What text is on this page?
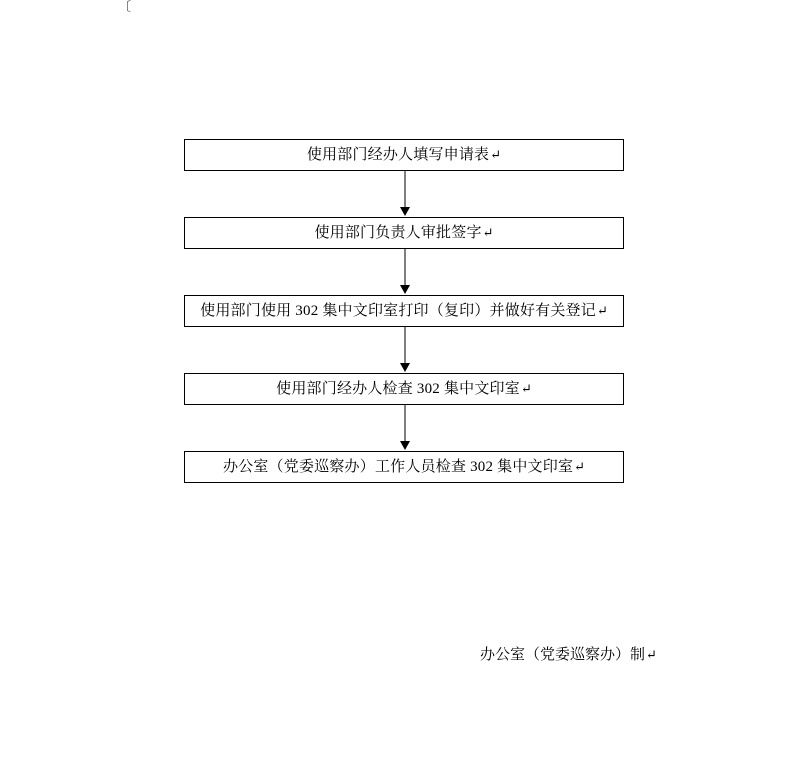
〔
使用部门经办人填写申请表 ↵
使用部门负责人审批签字 ↵
使用部门使用 302 集中文印室打印（复印）并做好有关登记 ↵
使用部门经办人检查 302 集中文印室 ↵
办公室（党委巡察办）工作人员检查 302 集中文印室 ↵
办公室（党委巡察办）制↵
